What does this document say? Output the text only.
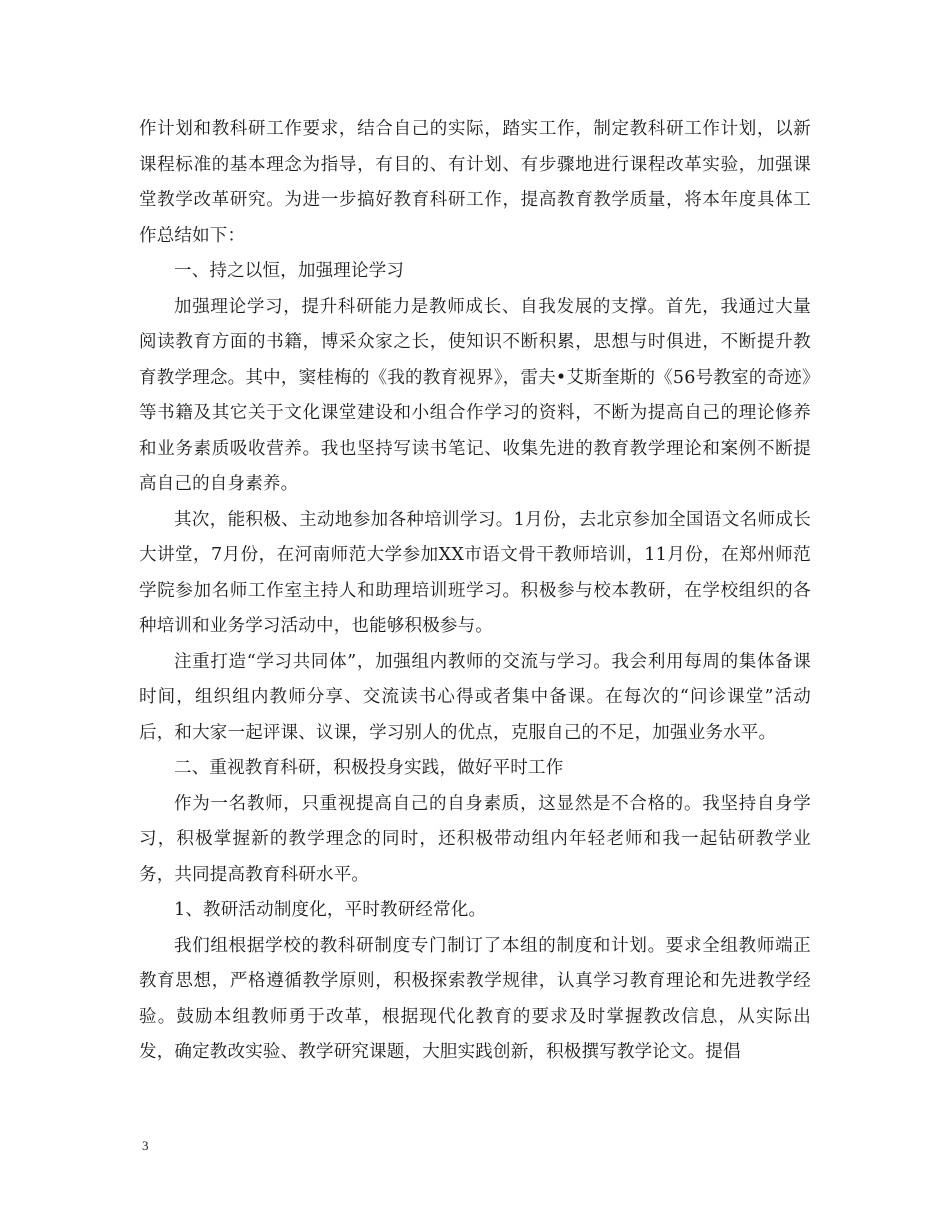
作计划和教科研工作要求，结合自己的实际，踏实工作，制定教科研工作计划，以新课程标准的基本理念为指导，有目的、有计划、有步骤地进行课程改革实验，加强课堂教学改革研究。为进一步搞好教育科研工作，提高教育教学质量，将本年度具体工作总结如下：

一、持之以恒，加强理论学习

加强理论学习，提升科研能力是教师成长、自我发展的支撑。首先，我通过大量阅读教育方面的书籍，博采众家之长，使知识不断积累，思想与时俱进，不断提升教育教学理念。其中，窦桂梅的《我的教育视界》，雷夫•艾斯奎斯的《56号教室的奇迹》等书籍及其它关于文化课堂建设和小组合作学习的资料，不断为提高自己的理论修养和业务素质吸收营养。我也坚持写读书笔记、收集先进的教育教学理论和案例不断提高自己的自身素养。

其次，能积极、主动地参加各种培训学习。1月份，去北京参加全国语文名师成长大讲堂，7月份，在河南师范大学参加XX市语文骨干教师培训，11月份，在郑州师范学院参加名师工作室主持人和助理培训班学习。积极参与校本教研，在学校组织的各种培训和业务学习活动中，也能够积极参与。

注重打造“学习共同体”，加强组内教师的交流与学习。我会利用每周的集体备课时间，组织组内教师分享、交流读书心得或者集中备课。在每次的“问诊课堂”活动后，和大家一起评课、议课，学习别人的优点，克服自己的不足，加强业务水平。

二、重视教育科研，积极投身实践，做好平时工作

作为一名教师，只重视提高自己的自身素质，这显然是不合格的。我坚持自身学习，积极掌握新的教学理念的同时，还积极带动组内年轻老师和我一起钻研教学业务，共同提高教育科研水平。

1、教研活动制度化，平时教研经常化。

我们组根据学校的教科研制度专门制订了本组的制度和计划。要求全组教师端正教育思想，严格遵循教学原则，积极探索教学规律，认真学习教育理论和先进教学经验。鼓励本组教师勇于改革，根据现代化教育的要求及时掌握教改信息，从实际出发，确定教改实验、教学研究课题，大胆实践创新，积极撰写教学论文。提倡

3
